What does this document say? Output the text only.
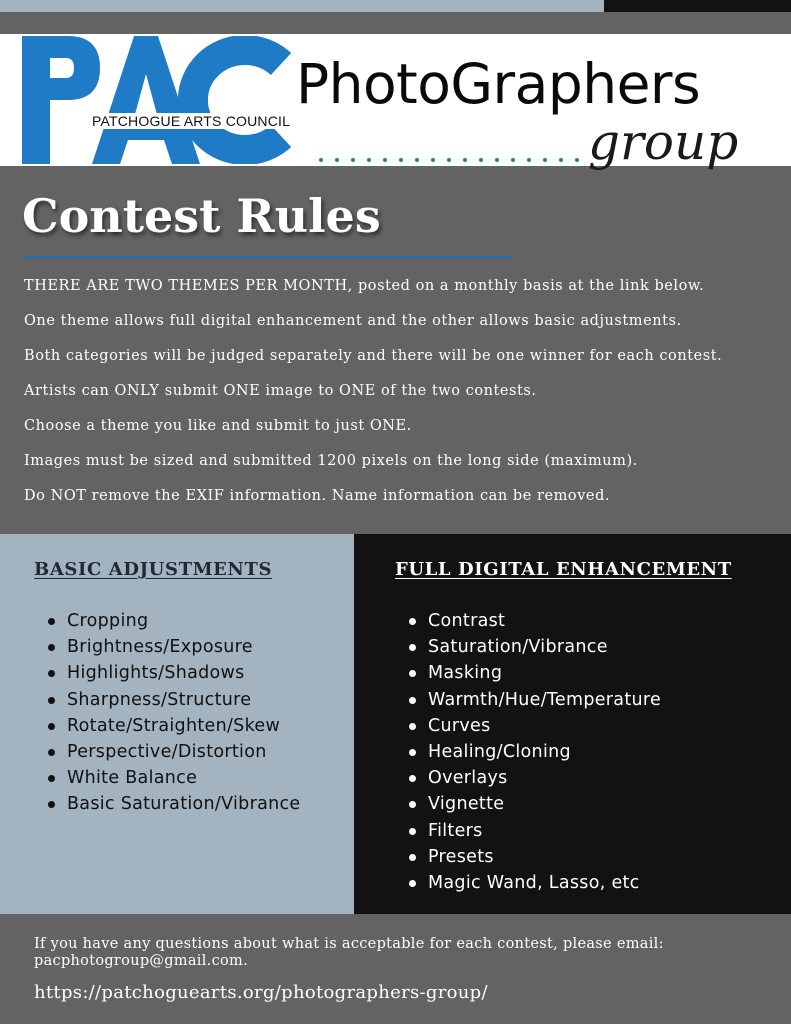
PATCHOGUE ARTS COUNCIL
PhotoGraphers
group
Contest Rules

THERE ARE TWO THEMES PER MONTH, posted on a monthly basis at the link below.

One theme allows full digital enhancement and the other allows basic adjustments.

Both categories will be judged separately and there will be one winner for each contest.

Artists can ONLY submit ONE image to ONE of the two contests.

Choose a theme you like and submit to just ONE.

Images must be sized and submitted 1200 pixels on the long side (maximum).

Do NOT remove the EXIF information. Name information can be removed.

BASIC ADJUSTMENTS
Cropping
Brightness/Exposure
Highlights/Shadows
Sharpness/Structure
Rotate/Straighten/Skew
Perspective/Distortion
White Balance
Basic Saturation/Vibrance
FULL DIGITAL ENHANCEMENT
Contrast
Saturation/Vibrance
Masking
Warmth/Hue/Temperature
Curves
Healing/Cloning
Overlays
Vignette
Filters
Presets
Magic Wand, Lasso, etc

If you have any questions about what is acceptable for each contest, please email: pacphotogroup@gmail.com.

https://patchoguearts.org/photographers-group/
